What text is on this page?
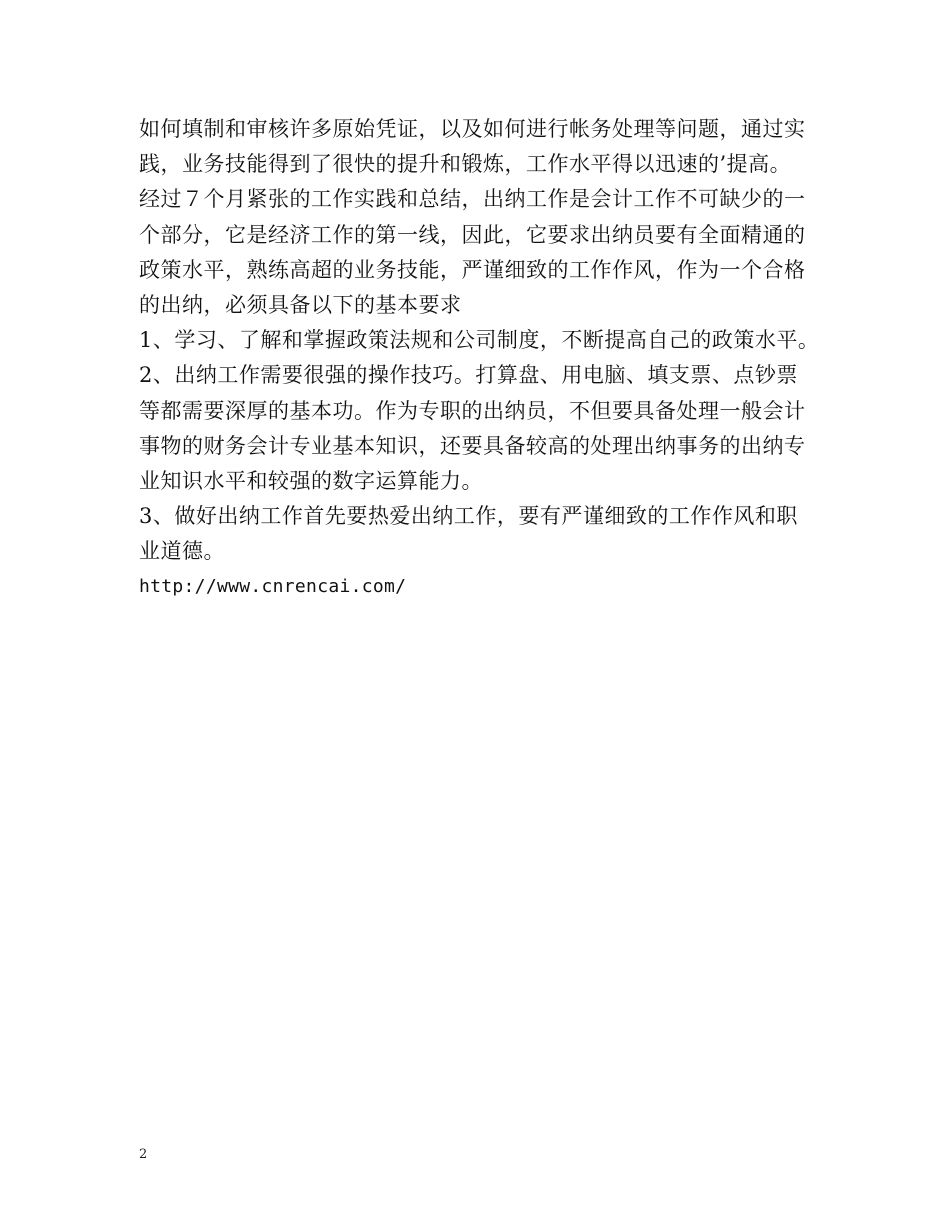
如何填制和审核许多原始凭证，以及如何进行帐务处理等问题，通过实
践，业务技能得到了很快的提升和锻炼，工作水平得以迅速的’提高。
经过７个月紧张的工作实践和总结，出纳工作是会计工作不可缺少的一
个部分，它是经济工作的第一线，因此，它要求出纳员要有全面精通的
政策水平，熟练高超的业务技能，严谨细致的工作作风，作为一个合格
的出纳，必须具备以下的基本要求
1、学习、了解和掌握政策法规和公司制度，不断提高自己的政策水平。
2、出纳工作需要很强的操作技巧。打算盘、用电脑、填支票、点钞票
等都需要深厚的基本功。作为专职的出纳员，不但要具备处理一般会计
事物的财务会计专业基本知识，还要具备较高的处理出纳事务的出纳专
业知识水平和较强的数字运算能力。
3、做好出纳工作首先要热爱出纳工作，要有严谨细致的工作作风和职
业道德。
http://www.cnrencai.com/
2
